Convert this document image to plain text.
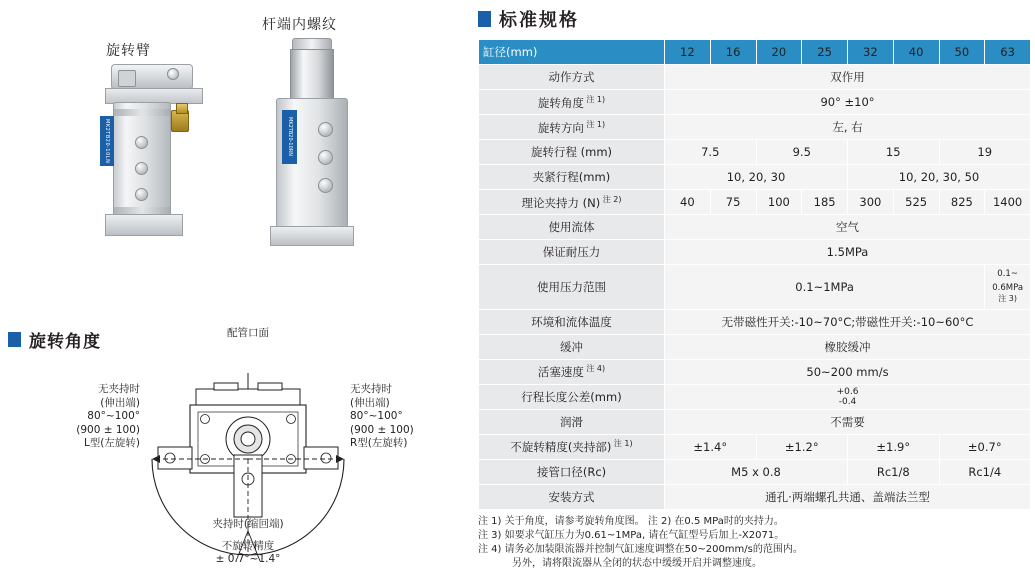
旋转臂
杆端内螺纹
MK2TB20-10LN	MK2TB20-10RN
旋转角度	配管口面
无夹持时
(伸出端)
80°~100°
(900 ± 100)
L型(左旋转)
无夹持时
(伸出端)
80°~100°
(900 ± 100)
R型(左旋转)
夹持时(缩回端)
不旋转精度
± 0.7°~1.4°
标准规格
缸径(mm)	12	16	20	25	32	40	50	63
动作方式	双作用							
旋转角度 $^{注 1)}$	90° ±10°							
旋转方向 $^{注 1)}$	左, 右							
旋转行程 (mm)	7.5		9.5		15		19	
夹紧行程(mm)	10, 20, 30				10, 20, 30, 50			
理论夹持力 (N) $^{注 2)}$	40	75	100	185	300	525	825	1400
使用流体	空气							
保证耐压力	1.5MPa							
使用压力范围	0.1~1MPa							0.1~
0.6MPa$^{注 3)}$
环境和流体温度	无带磁性开关:-10~70°C;带磁性开关:-10~60°C							
缓冲	橡胶缓冲							
活塞速度 $^{注 4)}$	50~200 mm/s							
行程长度公差(mm)	+0.6
-0.4							

润滑	不需要							
不旋转精度(夹持部) $^{注 1)}$	±1.4°		±1.2°		±1.9°		±0.7°	
接管口径(Rc)	M5 x 0.8				Rc1/8		Rc1/4	
安装方式	通孔·两端螺孔共通、盖端法兰型							
注 1) 关于角度，请参考旋转角度图。 注 2) 在0.5 MPa时的夹持力。
注 3) 如要求气缸压力为0.61~1MPa, 请在气缸型号后加上-X2071。
注 4) 请务必加装限流器并控制气缸速度调整在50~200mm/s的范围内。
另外，请将限流器从全闭的状态中缓缓开启并调整速度。
